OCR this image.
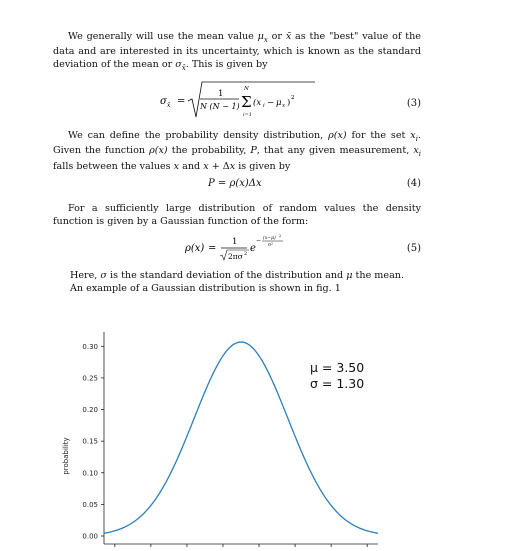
We generally will use the mean value $\mu_x$ or x̄ as the "best" value of the data and are interested in its uncertainty, which is known as the standard deviation of the mean or $\sigma_{x̄}$. This is given by
σ x̄ =
1
N (N − 1)
N
Σ
i=1
(x i − μ x ) 2	(3)
We can define the probability density distribution, ρ(x) for the set $x_i$. Given the function ρ(x) the probability, P, that any given measurement, $x_i$ falls between the values x and x + Δx is given by
P = ρ(x)Δx	(4)
For a sufficiently large distribution of random values the density function is given by a Gaussian function of the form:
ρ(x) =
1
2πσ 2 e
− (x−μ) 2
σ²	(5)
Here, σ is the standard deviation of the distribution and μ the mean. An example of a Gaussian distribution is shown in fig. 1
0.00
0.05
0.10
0.15
0.20
0.25
0.30
probability
μ = 3.50
σ = 1.30
